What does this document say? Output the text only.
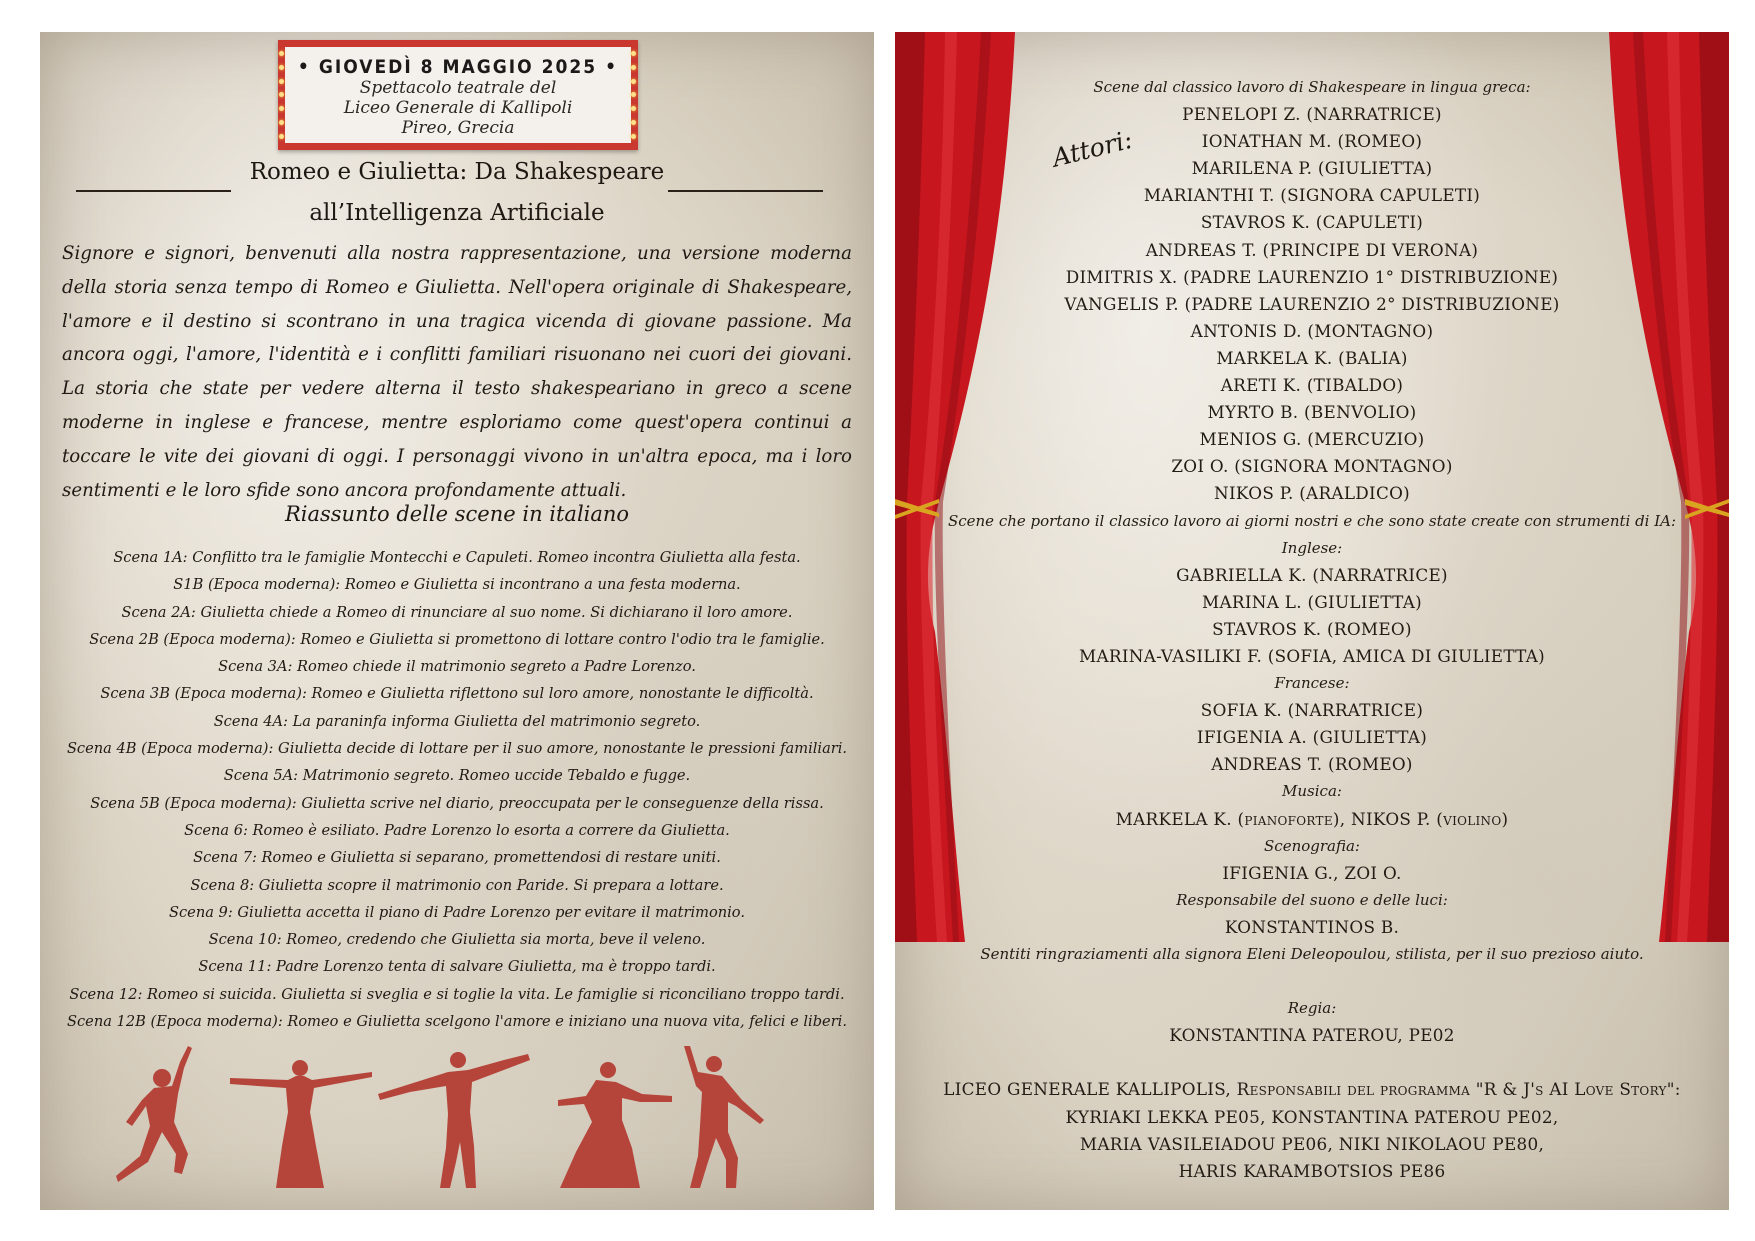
• GIOVEDÌ 8 MAGGIO 2025 •
Spettacolo teatrale del
Liceo Generale di Kallipoli
Pireo, Grecia
Romeo e Giulietta: Da Shakespeare
all’Intelligenza Artificiale
Signore e signori, benvenuti alla nostra rappresentazione, una versione moderna della storia senza tempo di Romeo e Giulietta. Nell'opera originale di Shakespeare, l'amore e il destino si scontrano in una tragica vicenda di giovane passione. Ma ancora oggi, l'amore, l'identità e i conflitti familiari risuonano nei cuori dei giovani. La storia che state per vedere alterna il testo shakespeariano in greco a scene moderne in inglese e francese, mentre esploriamo come quest'opera continui a toccare le vite dei giovani di oggi. I personaggi vivono in un'altra epoca, ma i loro sentimenti e le loro sfide sono ancora profondamente attuali.
Riassunto delle scene in italiano
Scena 1A: Conflitto tra le famiglie Montecchi e Capuleti. Romeo incontra Giulietta alla festa.
S1B (Epoca moderna): Romeo e Giulietta si incontrano a una festa moderna.
Scena 2A: Giulietta chiede a Romeo di rinunciare al suo nome. Si dichiarano il loro amore.
Scena 2B (Epoca moderna): Romeo e Giulietta si promettono di lottare contro l'odio tra le famiglie.
Scena 3A: Romeo chiede il matrimonio segreto a Padre Lorenzo.
Scena 3B (Epoca moderna): Romeo e Giulietta riflettono sul loro amore, nonostante le difficoltà.
Scena 4A: La paraninfa informa Giulietta del matrimonio segreto.
Scena 4B (Epoca moderna): Giulietta decide di lottare per il suo amore, nonostante le pressioni familiari.
Scena 5A: Matrimonio segreto. Romeo uccide Tebaldo e fugge.
Scena 5B (Epoca moderna): Giulietta scrive nel diario, preoccupata per le conseguenze della rissa.
Scena 6: Romeo è esiliato. Padre Lorenzo lo esorta a correre da Giulietta.
Scena 7: Romeo e Giulietta si separano, promettendosi di restare uniti.
Scena 8: Giulietta scopre il matrimonio con Paride. Si prepara a lottare.
Scena 9: Giulietta accetta il piano di Padre Lorenzo per evitare il matrimonio.
Scena 10: Romeo, credendo che Giulietta sia morta, beve il veleno.
Scena 11: Padre Lorenzo tenta di salvare Giulietta, ma è troppo tardi.
Scena 12: Romeo si suicida. Giulietta si sveglia e si toglie la vita. Le famiglie si riconciliano troppo tardi.
Scena 12B (Epoca moderna): Romeo e Giulietta scelgono l'amore e iniziano una nuova vita, felici e liberi.
Attori:
Scene dal classico lavoro di Shakespeare in lingua greca:
PENELOPI Z. (NARRATRICE)
IONATHAN M. (ROMEO)
MARILENA P. (GIULIETTA)
MARIANTHI T. (SIGNORA CAPULETI)
STAVROS K. (CAPULETI)
ANDREAS T. (PRINCIPE DI VERONA)
DIMITRIS X. (PADRE LAURENZIO 1° DISTRIBUZIONE)
VANGELIS P. (PADRE LAURENZIO 2° DISTRIBUZIONE)
ANTONIS D. (MONTAGNO)
MARKELA K. (BALIA)
ARETI K. (TIBALDO)
MYRTO B. (BENVOLIO)
MENIOS G. (MERCUZIO)
ZOI O. (SIGNORA MONTAGNO)
NIKOS P. (ARALDICO)
Scene che portano il classico lavoro ai giorni nostri e che sono state create con strumenti di IA:
Inglese:
GABRIELLA K. (NARRATRICE)
MARINA L. (GIULIETTA)
STAVROS K. (ROMEO)
MARINA-VASILIKI F. (SOFIA, AMICA DI GIULIETTA)
Francese:
SOFIA K. (NARRATRICE)
IFIGENIA A. (GIULIETTA)
ANDREAS T. (ROMEO)
Musica:
MARKELA K. (pianoforte), NIKOS P. (violino)
Scenografia:
IFIGENIA G., ZOI O.
Responsabile del suono e delle luci:
KONSTANTINOS B.
Sentiti ringraziamenti alla signora Eleni Deleopoulou, stilista, per il suo prezioso aiuto.

Regia:
KONSTANTINA PATEROU, PE02

LICEO GENERALE KALLIPOLIS, Responsabili del programma "R & J's AI Love Story":
KYRIAKI LEKKA PE05, KONSTANTINA PATEROU PE02,
MARIA VASILEIADOU PE06, NIKI NIKOLAOU PE80,
HARIS KARAMBOTSIOS PE86
